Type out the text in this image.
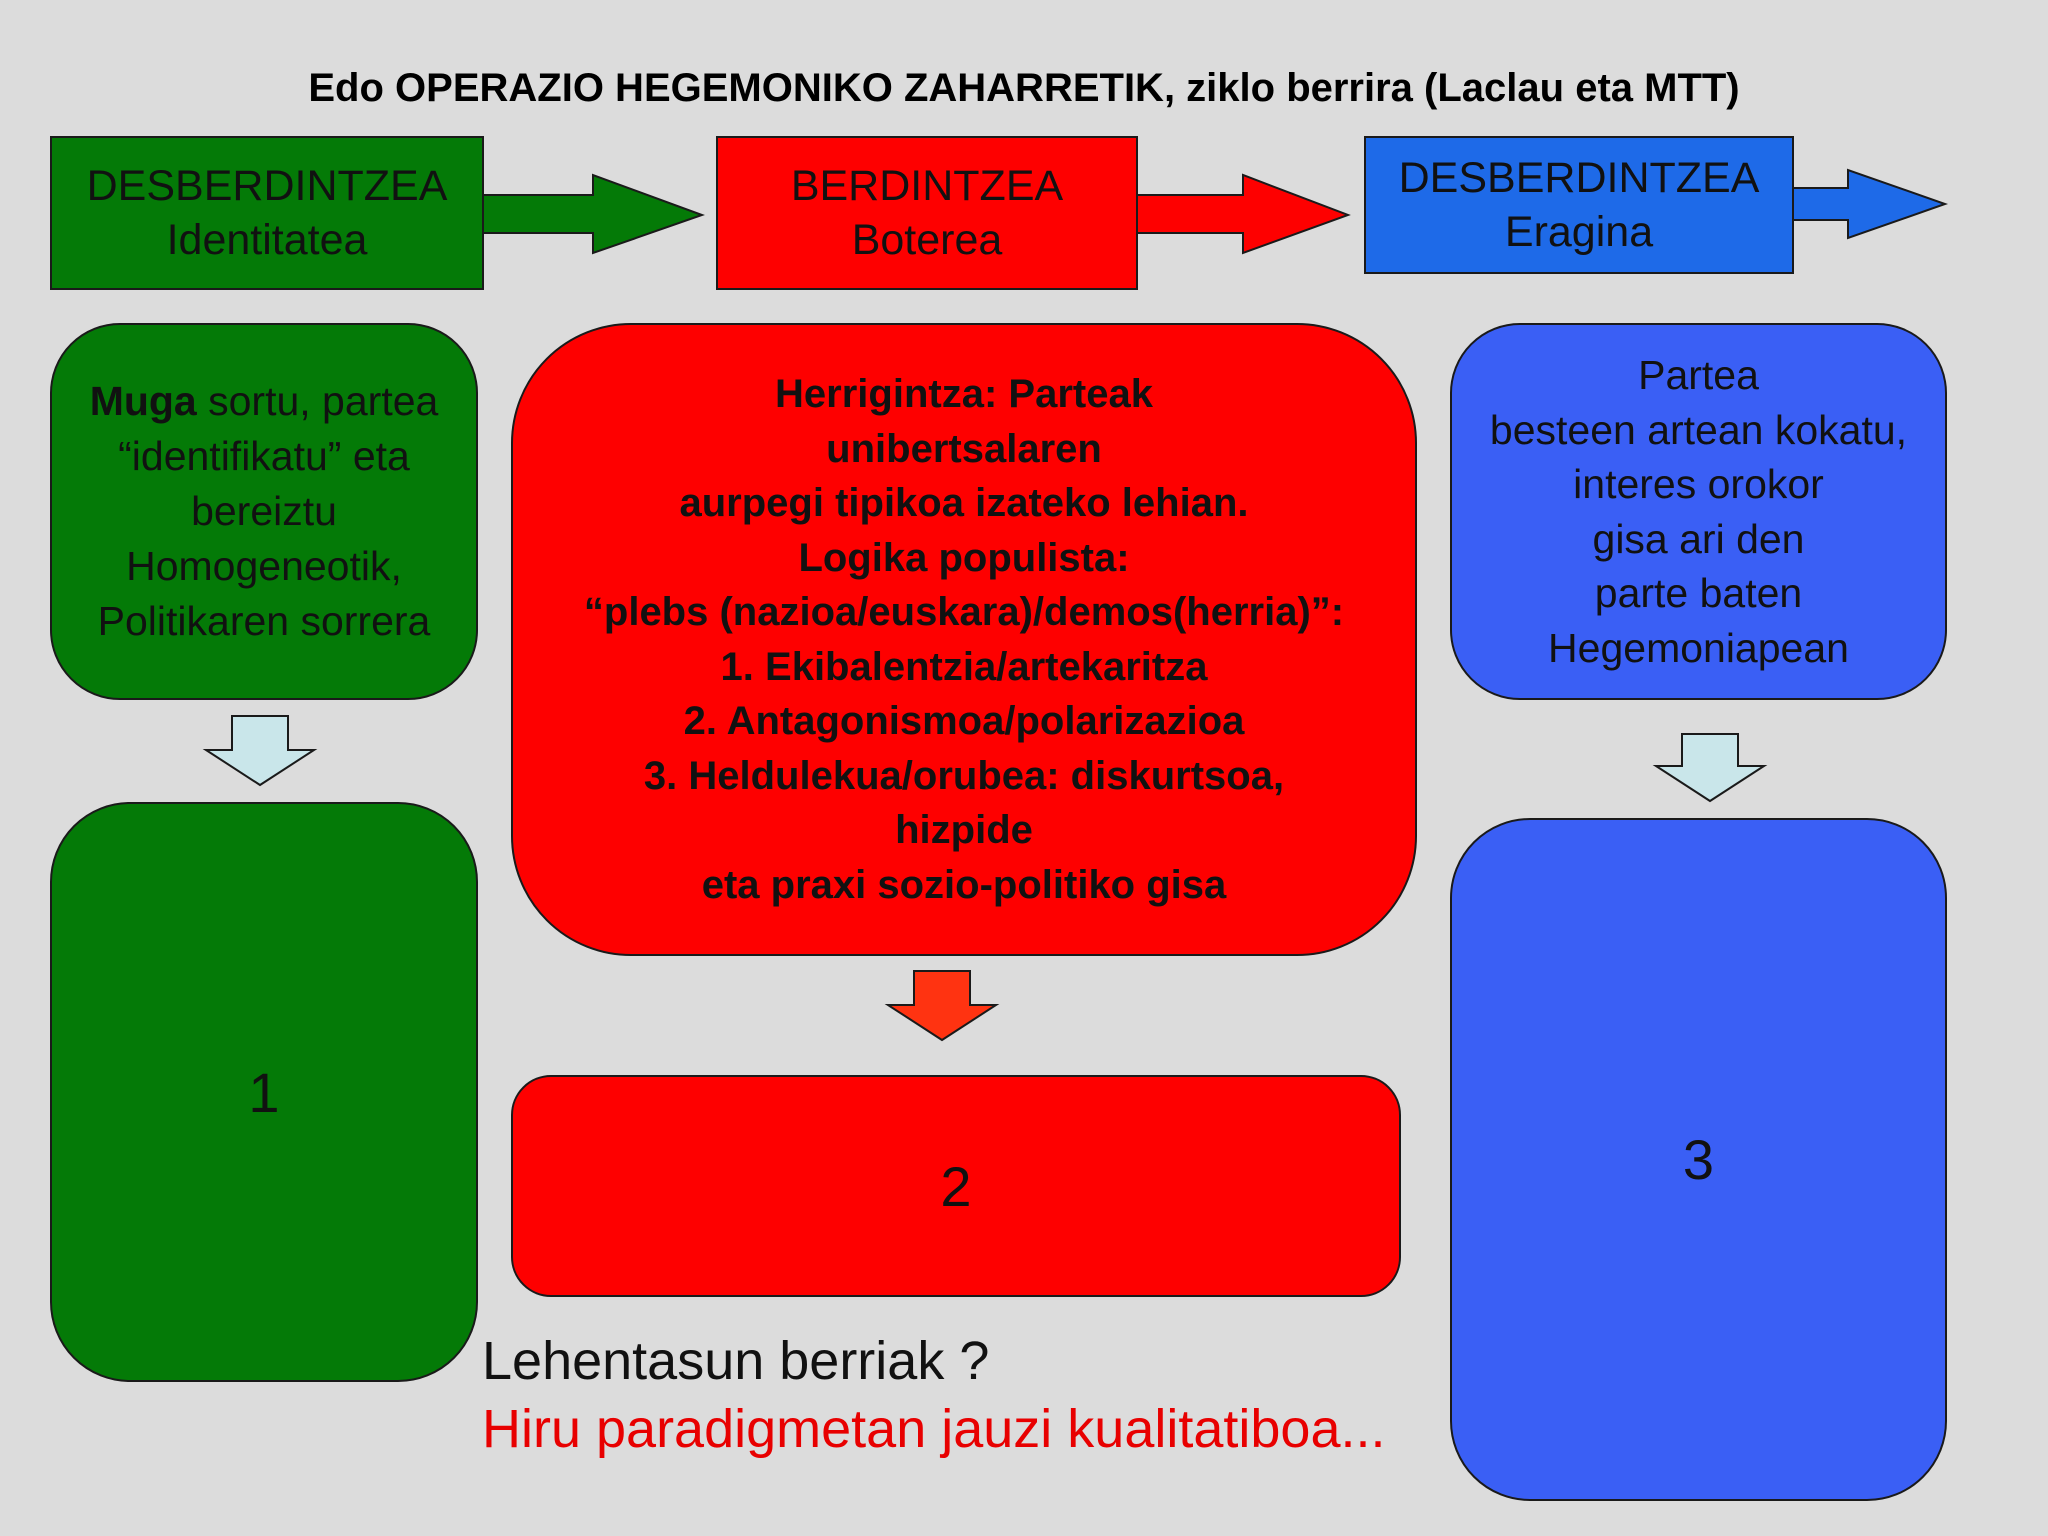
Edo OPERAZIO HEGEMONIKO ZAHARRETIK, ziklo berrira (Laclau eta MTT)
DESBERDINTZEA
Identitatea
BERDINTZEA
Boterea
DESBERDINTZEA
Eragina
Muga sortu, partea
“identifikatu” eta
bereiztu
Homogeneotik,
Politikaren sorrera
Herrigintza: Parteak
unibertsalaren
aurpegi tipikoa izateko lehian.
Logika populista:
“plebs (nazioa/euskara)/demos(herria)”:
1. Ekibalentzia/artekaritza
2. Antagonismoa/polarizazioa
3. Heldulekua/orubea: diskurtsoa,
hizpide
eta praxi sozio-politiko gisa
Partea
besteen artean kokatu,
interes orokor
gisa ari den
parte baten
Hegemoniapean
1
2	3
Lehentasun berriak ?
Hiru paradigmetan jauzi kualitatiboa...
